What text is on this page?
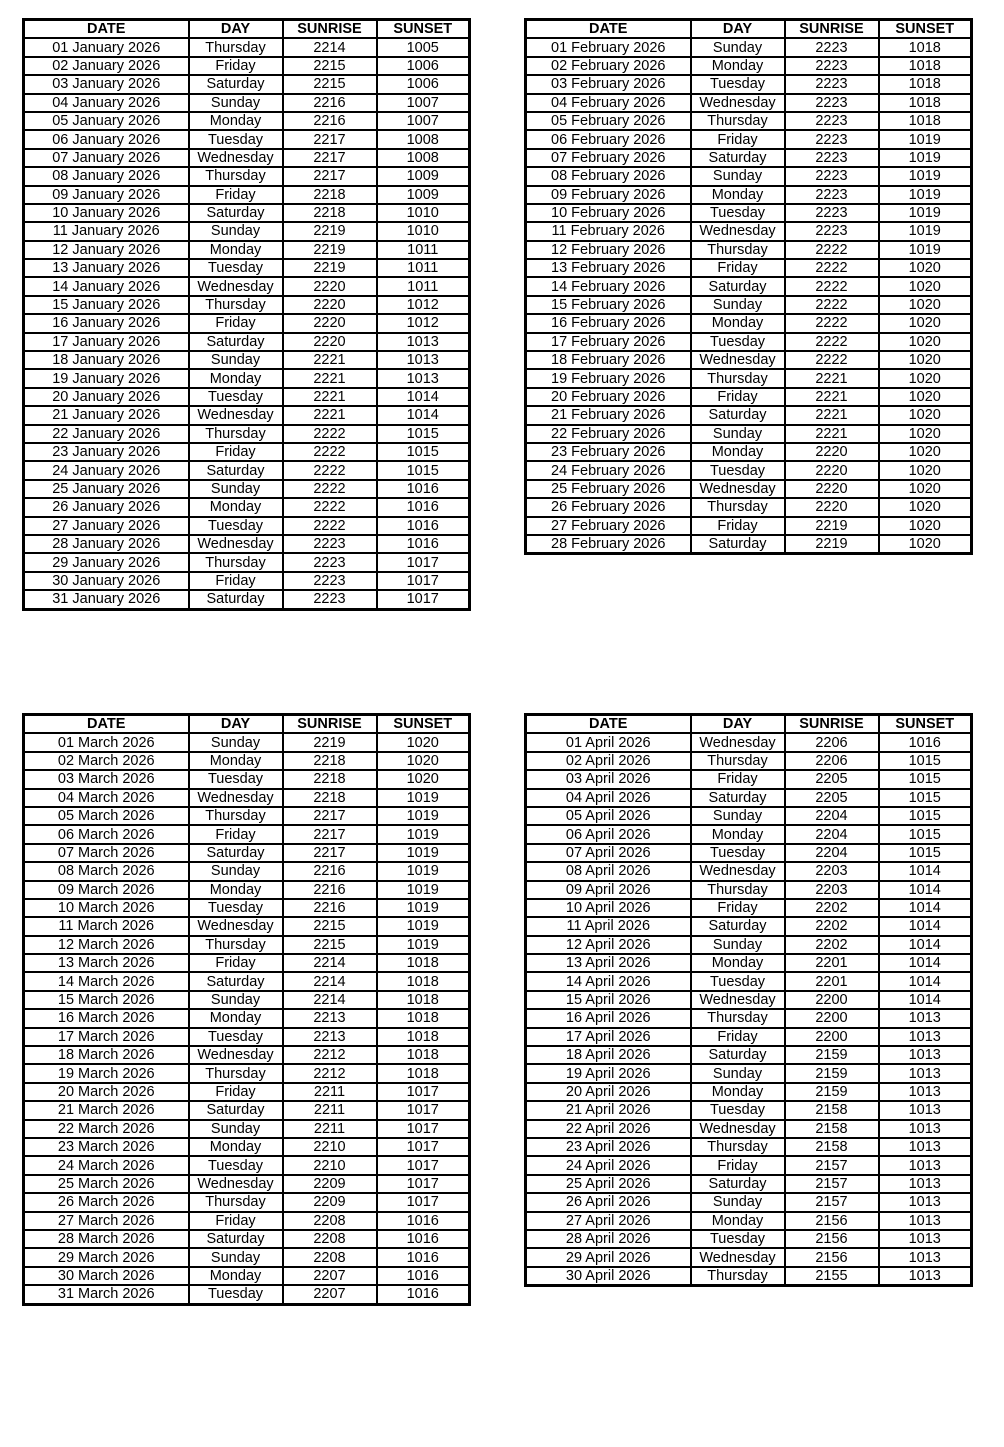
DATE	DAY	SUNRISE	SUNSET
01 January 2026	Thursday	2214	1005
02 January 2026	Friday	2215	1006
03 January 2026	Saturday	2215	1006
04 January 2026	Sunday	2216	1007
05 January 2026	Monday	2216	1007
06 January 2026	Tuesday	2217	1008
07 January 2026	Wednesday	2217	1008
08 January 2026	Thursday	2217	1009
09 January 2026	Friday	2218	1009
10 January 2026	Saturday	2218	1010
11 January 2026	Sunday	2219	1010
12 January 2026	Monday	2219	1011
13 January 2026	Tuesday	2219	1011
14 January 2026	Wednesday	2220	1011
15 January 2026	Thursday	2220	1012
16 January 2026	Friday	2220	1012
17 January 2026	Saturday	2220	1013
18 January 2026	Sunday	2221	1013
19 January 2026	Monday	2221	1013
20 January 2026	Tuesday	2221	1014
21 January 2026	Wednesday	2221	1014
22 January 2026	Thursday	2222	1015
23 January 2026	Friday	2222	1015
24 January 2026	Saturday	2222	1015
25 January 2026	Sunday	2222	1016
26 January 2026	Monday	2222	1016
27 January 2026	Tuesday	2222	1016
28 January 2026	Wednesday	2223	1016
29 January 2026	Thursday	2223	1017
30 January 2026	Friday	2223	1017
31 January 2026	Saturday	2223	1017
DATE	DAY	SUNRISE	SUNSET
01 February 2026	Sunday	2223	1018
02 February 2026	Monday	2223	1018
03 February 2026	Tuesday	2223	1018
04 February 2026	Wednesday	2223	1018
05 February 2026	Thursday	2223	1018
06 February 2026	Friday	2223	1019
07 February 2026	Saturday	2223	1019
08 February 2026	Sunday	2223	1019
09 February 2026	Monday	2223	1019
10 February 2026	Tuesday	2223	1019
11 February 2026	Wednesday	2223	1019
12 February 2026	Thursday	2222	1019
13 February 2026	Friday	2222	1020
14 February 2026	Saturday	2222	1020
15 February 2026	Sunday	2222	1020
16 February 2026	Monday	2222	1020
17 February 2026	Tuesday	2222	1020
18 February 2026	Wednesday	2222	1020
19 February 2026	Thursday	2221	1020
20 February 2026	Friday	2221	1020
21 February 2026	Saturday	2221	1020
22 February 2026	Sunday	2221	1020
23 February 2026	Monday	2220	1020
24 February 2026	Tuesday	2220	1020
25 February 2026	Wednesday	2220	1020
26 February 2026	Thursday	2220	1020
27 February 2026	Friday	2219	1020
28 February 2026	Saturday	2219	1020
DATE	DAY	SUNRISE	SUNSET
01 March 2026	Sunday	2219	1020
02 March 2026	Monday	2218	1020
03 March 2026	Tuesday	2218	1020
04 March 2026	Wednesday	2218	1019
05 March 2026	Thursday	2217	1019
06 March 2026	Friday	2217	1019
07 March 2026	Saturday	2217	1019
08 March 2026	Sunday	2216	1019
09 March 2026	Monday	2216	1019
10 March 2026	Tuesday	2216	1019
11 March 2026	Wednesday	2215	1019
12 March 2026	Thursday	2215	1019
13 March 2026	Friday	2214	1018
14 March 2026	Saturday	2214	1018
15 March 2026	Sunday	2214	1018
16 March 2026	Monday	2213	1018
17 March 2026	Tuesday	2213	1018
18 March 2026	Wednesday	2212	1018
19 March 2026	Thursday	2212	1018
20 March 2026	Friday	2211	1017
21 March 2026	Saturday	2211	1017
22 March 2026	Sunday	2211	1017
23 March 2026	Monday	2210	1017
24 March 2026	Tuesday	2210	1017
25 March 2026	Wednesday	2209	1017
26 March 2026	Thursday	2209	1017
27 March 2026	Friday	2208	1016
28 March 2026	Saturday	2208	1016
29 March 2026	Sunday	2208	1016
30 March 2026	Monday	2207	1016
31 March 2026	Tuesday	2207	1016
DATE	DAY	SUNRISE	SUNSET
01 April 2026	Wednesday	2206	1016
02 April 2026	Thursday	2206	1015
03 April 2026	Friday	2205	1015
04 April 2026	Saturday	2205	1015
05 April 2026	Sunday	2204	1015
06 April 2026	Monday	2204	1015
07 April 2026	Tuesday	2204	1015
08 April 2026	Wednesday	2203	1014
09 April 2026	Thursday	2203	1014
10 April 2026	Friday	2202	1014
11 April 2026	Saturday	2202	1014
12 April 2026	Sunday	2202	1014
13 April 2026	Monday	2201	1014
14 April 2026	Tuesday	2201	1014
15 April 2026	Wednesday	2200	1014
16 April 2026	Thursday	2200	1013
17 April 2026	Friday	2200	1013
18 April 2026	Saturday	2159	1013
19 April 2026	Sunday	2159	1013
20 April 2026	Monday	2159	1013
21 April 2026	Tuesday	2158	1013
22 April 2026	Wednesday	2158	1013
23 April 2026	Thursday	2158	1013
24 April 2026	Friday	2157	1013
25 April 2026	Saturday	2157	1013
26 April 2026	Sunday	2157	1013
27 April 2026	Monday	2156	1013
28 April 2026	Tuesday	2156	1013
29 April 2026	Wednesday	2156	1013
30 April 2026	Thursday	2155	1013
